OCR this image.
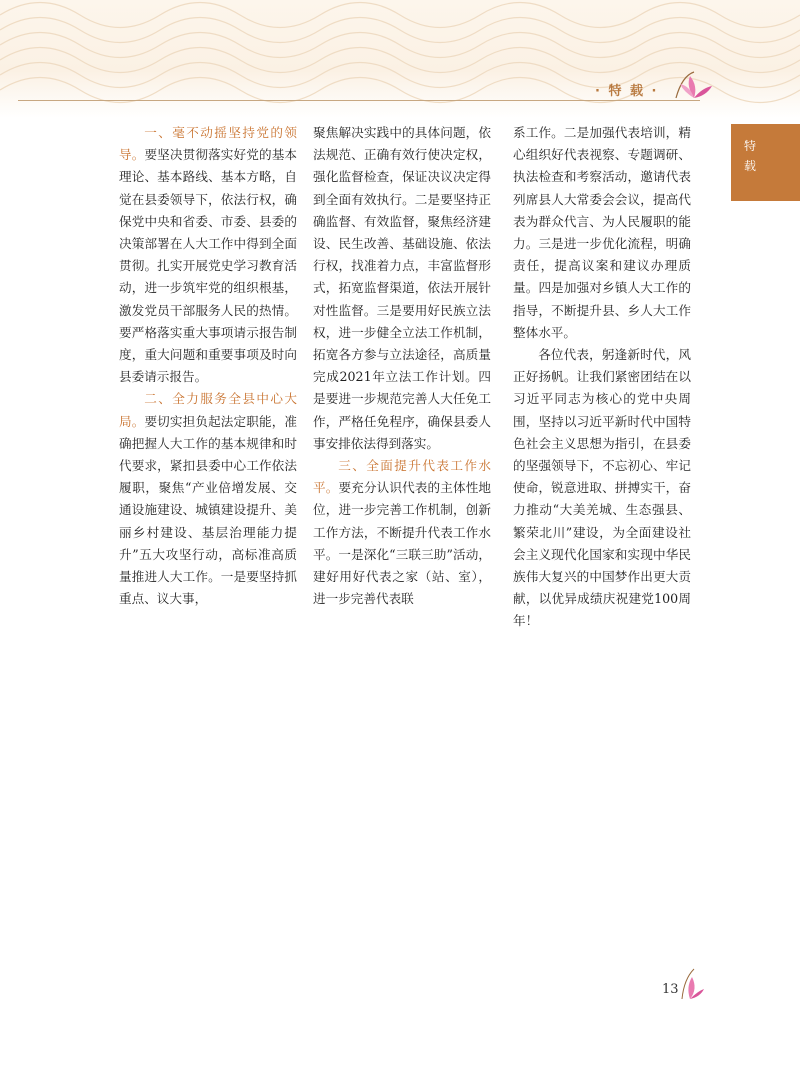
· 特 载 ·
特
载

一、毫不动摇坚持党的领导。要坚决贯彻落实好党的基本理论、基本路线、基本方略，自觉在县委领导下，依法行权，确保党中央和省委、市委、县委的决策部署在人大工作中得到全面贯彻。扎实开展党史学习教育活动，进一步筑牢党的组织根基，激发党员干部服务人民的热情。要严格落实重大事项请示报告制度，重大问题和重要事项及时向县委请示报告。

二、全力服务全县中心大局。要切实担负起法定职能，准确把握人大工作的基本规律和时代要求，紧扣县委中心工作依法履职，聚焦“产业倍增发展、交通设施建设、城镇建设提升、美丽乡村建设、基层治理能力提升”五大攻坚行动，高标准高质量推进人大工作。一是要坚持抓重点、议大事，

聚焦解决实践中的具体问题，依法规范、正确有效行使决定权，强化监督检查，保证决议决定得到全面有效执行。二是要坚持正确监督、有效监督，聚焦经济建设、民生改善、基础设施、依法行权，找准着力点，丰富监督形式，拓宽监督渠道，依法开展针对性监督。三是要用好民族立法权，进一步健全立法工作机制，拓宽各方参与立法途径，高质量完成2021年立法工作计划。四是要进一步规范完善人大任免工作，严格任免程序，确保县委人事安排依法得到落实。

三、全面提升代表工作水平。要充分认识代表的主体性地位，进一步完善工作机制，创新工作方法，不断提升代表工作水平。一是深化“三联三助”活动，建好用好代表之家（站、室），进一步完善代表联

系工作。二是加强代表培训，精心组织好代表视察、专题调研、执法检查和考察活动，邀请代表列席县人大常委会会议，提高代表为群众代言、为人民履职的能力。三是进一步优化流程，明确责任，提高议案和建议办理质量。四是加强对乡镇人大工作的指导，不断提升县、乡人大工作整体水平。

各位代表，躬逢新时代，风正好扬帆。让我们紧密团结在以习近平同志为核心的党中央周围，坚持以习近平新时代中国特色社会主义思想为指引，在县委的坚强领导下，不忘初心、牢记使命，锐意进取、拼搏实干，奋力推动“大美羌城、生态强县、繁荣北川”建设，为全面建设社会主义现代化国家和实现中华民族伟大复兴的中国梦作出更大贡献，以优异成绩庆祝建党100周年！

13
